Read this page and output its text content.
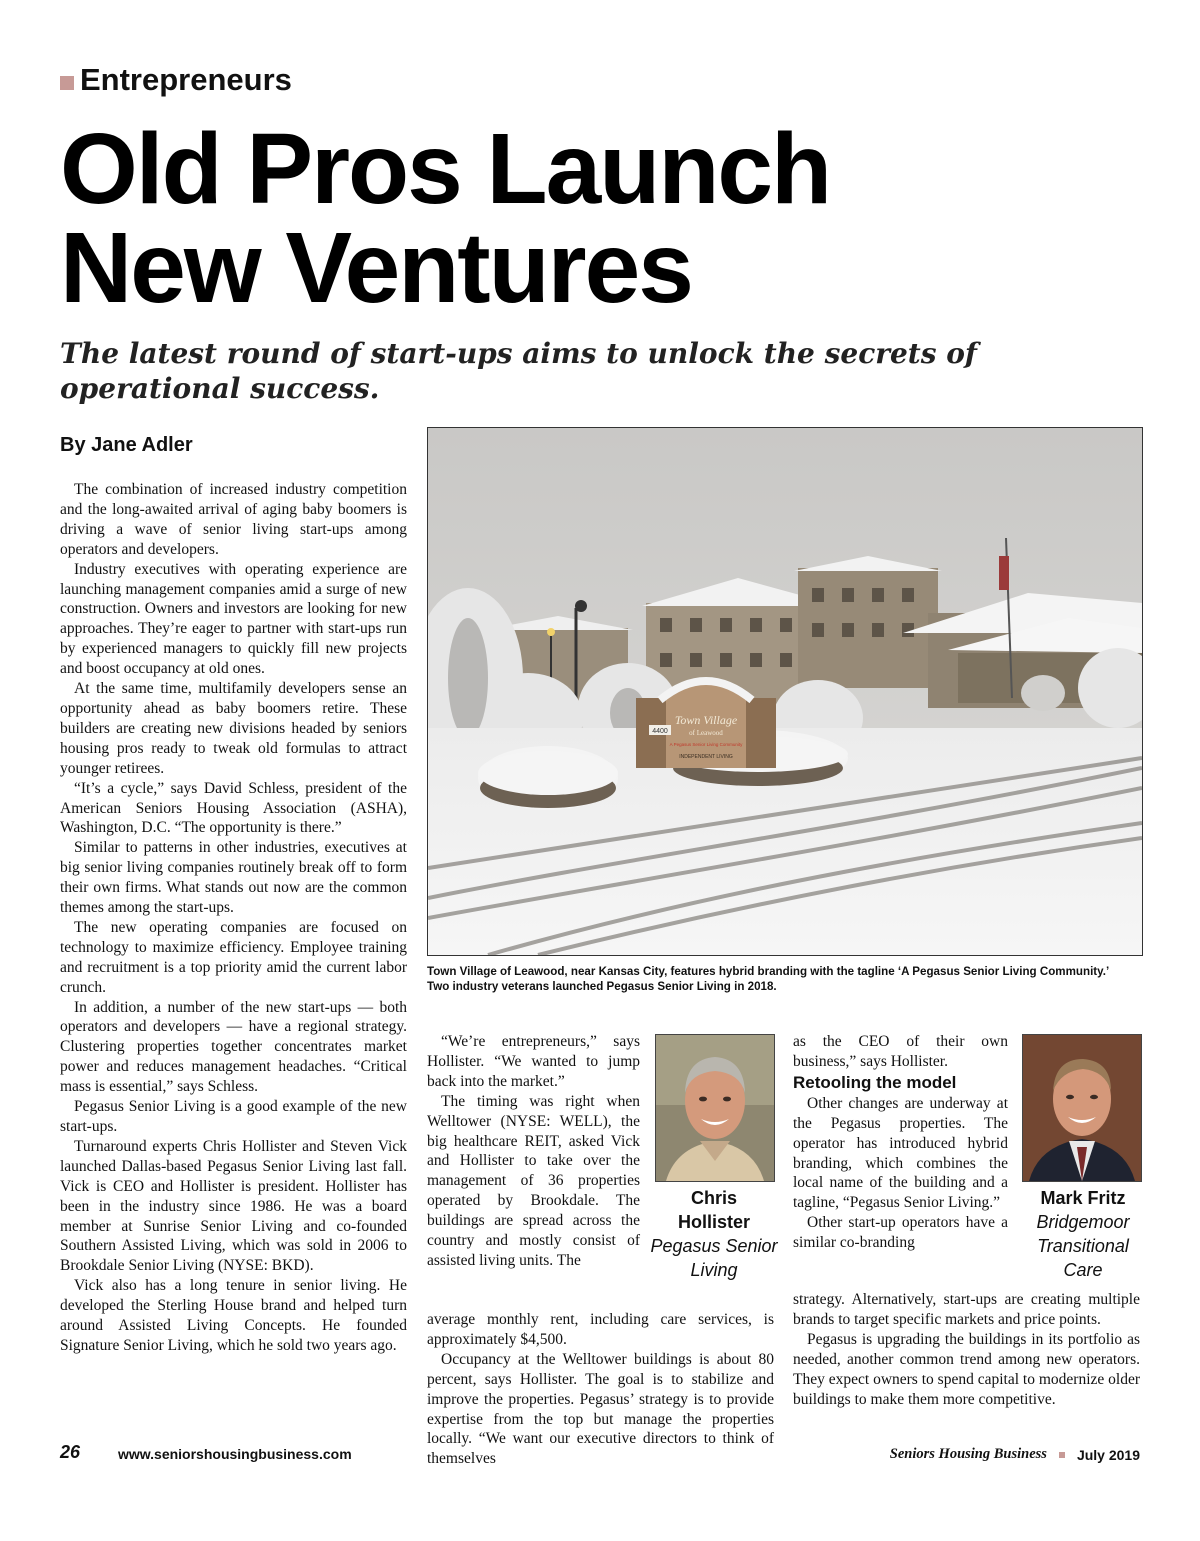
Entrepreneurs
Old Pros Launch
New Ventures
The latest round of start-ups aims to unlock the secrets of operational success.
By Jane Adler

The combination of increased industry competition and the long-awaited arrival of aging baby boomers is driving a wave of senior living start-ups among operators and developers.

Industry executives with operating experience are launching management companies amid a surge of new construction. Owners and investors are looking for new approaches. They’re eager to partner with start-ups run by experienced managers to quickly fill new projects and boost occupancy at old ones.

At the same time, multifamily developers sense an opportunity ahead as baby boomers retire. These builders are creating new divisions headed by seniors housing pros ready to tweak old formulas to attract younger retirees.

“It’s a cycle,” says David Schless, president of the American Seniors Housing Association (ASHA), Washington, D.C. “The opportunity is there.”

Similar to patterns in other industries, executives at big senior living companies routinely break off to form their own firms. What stands out now are the common themes among the start-ups.

The new operating companies are focused on technology to maximize efficiency. Employee training and recruitment is a top priority amid the current labor crunch.

In addition, a number of the new start-ups — both operators and developers — have a regional strategy. Clustering properties together concentrates market power and reduces management headaches. “Critical mass is essential,” says Schless.

Pegasus Senior Living is a good example of the new start-ups.

Turnaround experts Chris Hollister and Steven Vick launched Dallas-based Pegasus Senior Living last fall. Vick is CEO and Hollister is president. Hollister has been in the industry since 1986. He was a board member at Sunrise Senior Living and co-founded Southern Assisted Living, which was sold in 2006 to Brookdale Senior Living (NYSE: BKD).

Vick also has a long tenure in senior living. He developed the Sterling House brand and helped turn around Assisted Living Concepts. He founded Signature Senior Living, which he sold two years ago.

Town Village
of Leawood
A Pegasus Senior Living Community
INDEPENDENT LIVING
4400

Town Village of Leawood, near Kansas City, features hybrid branding with the tagline ‘A Pegasus Senior Living Community.’

Two industry veterans launched Pegasus Senior Living in 2018.

“We’re entrepreneurs,” says Hollister. “We wanted to jump back into the market.”

The timing was right when Welltower (NYSE: WELL), the big healthcare REIT, asked Vick and Hollister to take over the management of 36 properties operated by Brookdale. The buildings are spread across the country and mostly consist of assisted living units. The

average monthly rent, including care services, is approximately $4,500.

Occupancy at the Welltower buildings is about 80 percent, says Hollister. The goal is to stabilize and improve the properties. Pegasus’ strategy is to provide expertise from the top but manage the properties locally. “We want our executive directors to think of themselves

Chris
Hollister
Pegasus Senior
Living

as the CEO of their own business,” says Hollister.

Retooling the model

Other changes are underway at the Pegasus properties. The operator has introduced hybrid branding, which combines the local name of the building and a tagline, “Pegasus Senior Living.”

Other start-up operators have a similar co-branding

strategy. Alternatively, start-ups are creating multiple brands to target specific markets and price points.

Pegasus is upgrading the buildings in its portfolio as needed, another common trend among new operators. They expect owners to spend capital to modernize older buildings to make them more competitive.

Mark Fritz
Bridgemoor
Transitional
Care
26	www.seniorshousingbusiness.com	Seniors Housing Business July 2019
